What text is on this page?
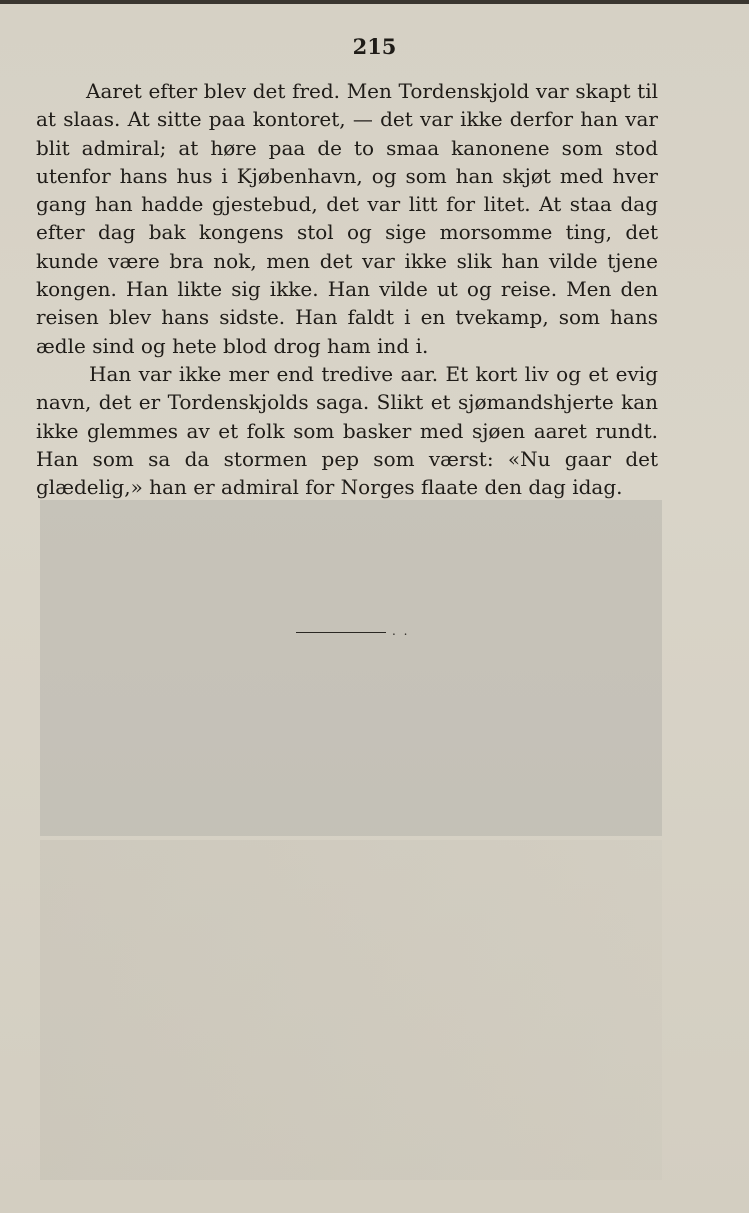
215

Aaret efter blev det fred. Men Tordenskjold var skapt til at slaas. At sitte paa kontoret, — det var ikke derfor han var blit admiral; at høre paa de to smaa kanonene som stod utenfor hans hus i Kjøbenhavn, og som han skjøt med hver gang han hadde gjestebud, det var litt for litet. At staa dag efter dag bak kongens stol og sige morsomme ting, det kunde være bra nok, men det var ikke slik han vilde tjene kongen. Han likte sig ikke. Han vilde ut og reise. Men den reisen blev hans sidste. Han faldt i en tvekamp, som hans ædle sind og hete blod drog ham ind i.

Han var ikke mer end tredive aar. Et kort liv og et evig navn, det er Tordenskjolds saga. Slikt et sjømandshjerte kan ikke glemmes av et folk som basker med sjøen aaret rundt. Han som sa da stormen pep som værst: «Nu gaar det glædelig,» han er admiral for Norges flaate den dag idag.

. .
